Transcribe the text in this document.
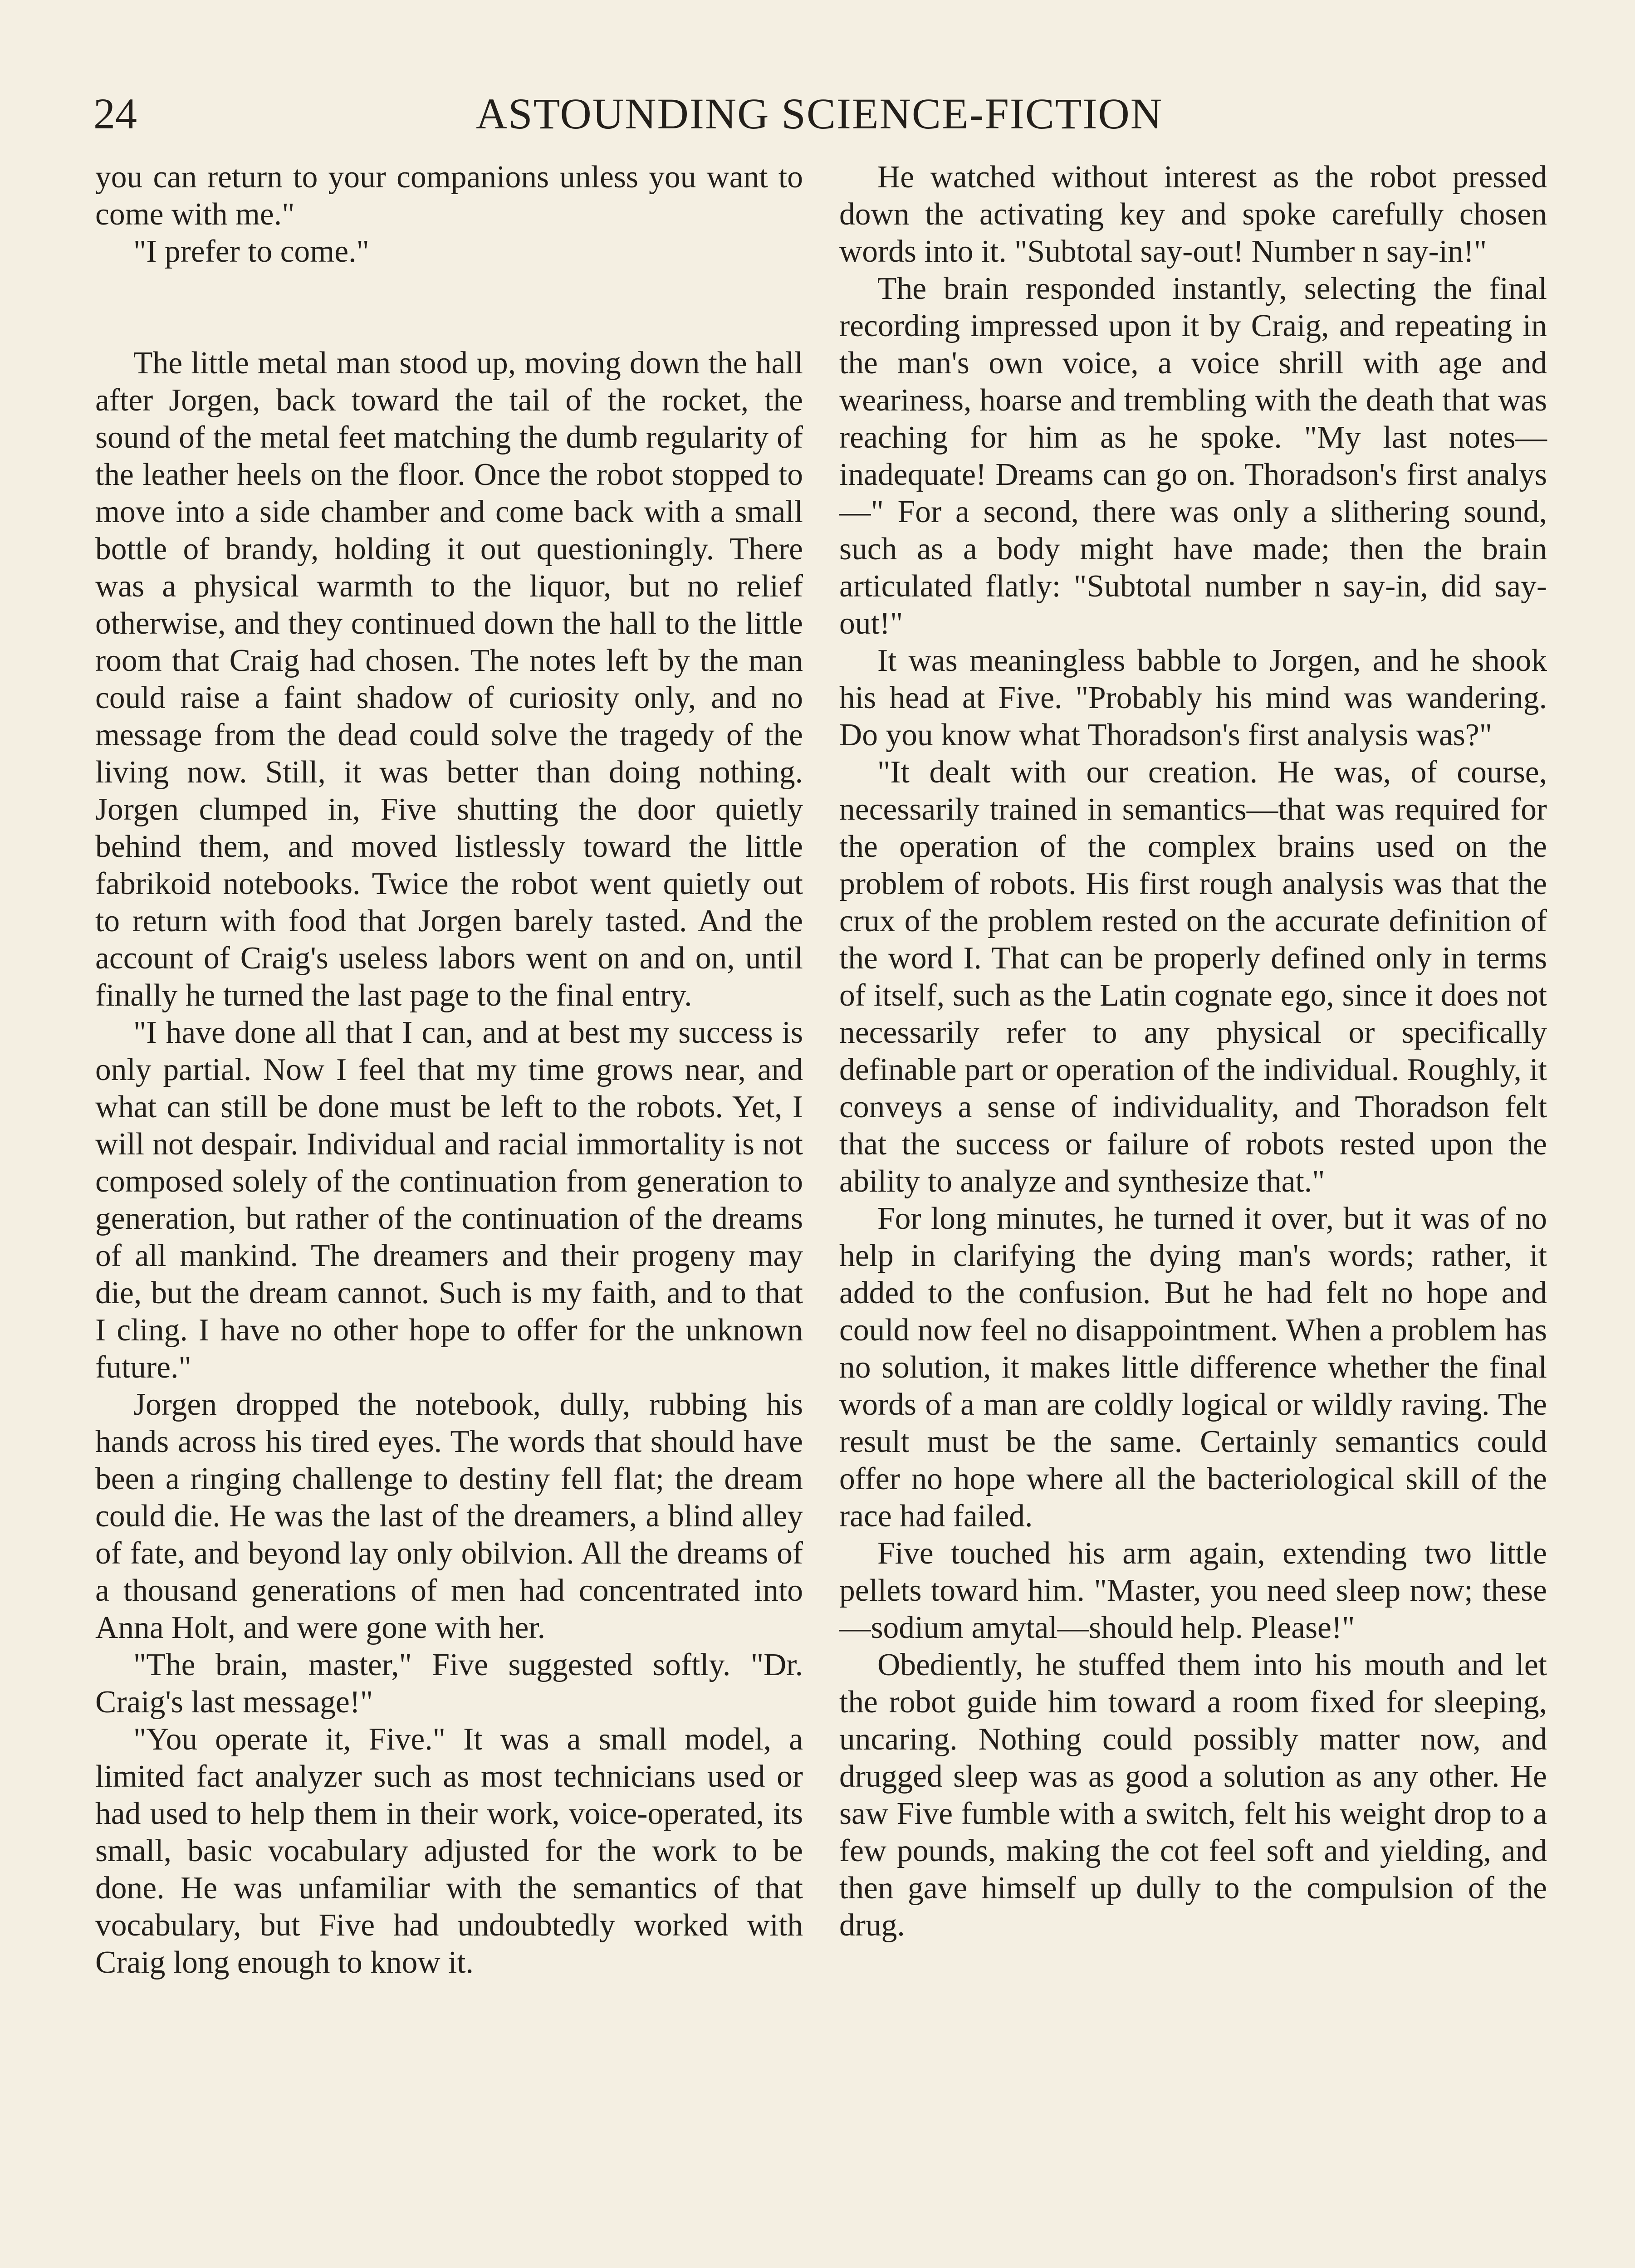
24	ASTOUNDING SCIENCE-FICTION

you can return to your companions unless you want to come with me."

"I prefer to come."

The little metal man stood up, moving down the hall after Jorgen, back toward the tail of the rocket, the sound of the metal feet matching the dumb regularity of the leather heels on the floor. Once the robot stopped to move into a side chamber and come back with a small bottle of brandy, holding it out questioningly. There was a physical warmth to the liquor, but no relief otherwise, and they continued down the hall to the little room that Craig had chosen. The notes left by the man could raise a faint shadow of curiosity only, and no message from the dead could solve the tragedy of the living now. Still, it was better than doing nothing. Jorgen clumped in, Five shutting the door quietly behind them, and moved listlessly toward the little fabrikoid notebooks. Twice the robot went quietly out to return with food that Jorgen barely tasted. And the account of Craig's useless labors went on and on, until finally he turned the last page to the final entry.

"I have done all that I can, and at best my success is only partial. Now I feel that my time grows near, and what can still be done must be left to the robots. Yet, I will not despair. Individual and racial immortality is not composed solely of the continuation from generation to generation, but rather of the continuation of the dreams of all mankind. The dreamers and their progeny may die, but the dream cannot. Such is my faith, and to that I cling. I have no other hope to offer for the unknown future."

Jorgen dropped the notebook, dully, rubbing his hands across his tired eyes. The words that should have been a ringing challenge to destiny fell flat; the dream could die. He was the last of the dreamers, a blind alley of fate, and beyond lay only obilvion. All the dreams of a thousand generations of men had concentrated into Anna Holt, and were gone with her.

"The brain, master," Five suggested softly. "Dr. Craig's last message!"

"You operate it, Five." It was a small model, a limited fact analyzer such as most technicians used or had used to help them in their work, voice-operated, its small, basic vocabulary adjusted for the work to be done. He was unfamiliar with the semantics of that vocabulary, but Five had undoubtedly worked with Craig long enough to know it.

He watched without interest as the robot pressed down the activating key and spoke carefully chosen words into it. "Subtotal say-out! Number n say-in!"

The brain responded instantly, selecting the final recording impressed upon it by Craig, and repeating in the man's own voice, a voice shrill with age and weariness, hoarse and trembling with the death that was reaching for him as he spoke. "My last notes—inadequate! Dreams can go on. Thoradson's first analys—" For a second, there was only a slithering sound, such as a body might have made; then the brain articulated flatly: "Subtotal number n say-in, did say-out!"

It was meaningless babble to Jorgen, and he shook his head at Five. "Probably his mind was wandering. Do you know what Thoradson's first analysis was?"

"It dealt with our creation. He was, of course, necessarily trained in semantics—that was required for the operation of the complex brains used on the problem of robots. His first rough analysis was that the crux of the problem rested on the accurate definition of the word I. That can be properly defined only in terms of itself, such as the Latin cognate ego, since it does not necessarily refer to any physical or specifically definable part or operation of the individual. Roughly, it conveys a sense of individuality, and Thoradson felt that the success or failure of robots rested upon the ability to analyze and synthesize that."

For long minutes, he turned it over, but it was of no help in clarifying the dying man's words; rather, it added to the confusion. But he had felt no hope and could now feel no disappointment. When a problem has no solution, it makes little difference whether the final words of a man are coldly logical or wildly raving. The result must be the same. Certainly semantics could offer no hope where all the bacteriological skill of the race had failed.

Five touched his arm again, extending two little pellets toward him. "Master, you need sleep now; these—sodium amytal—should help. Please!"

Obediently, he stuffed them into his mouth and let the robot guide him toward a room fixed for sleeping, uncaring. Nothing could possibly matter now, and drugged sleep was as good a solution as any other. He saw Five fumble with a switch, felt his weight drop to a few pounds, making the cot feel soft and yielding, and then gave himself up dully to the compulsion of the drug.
